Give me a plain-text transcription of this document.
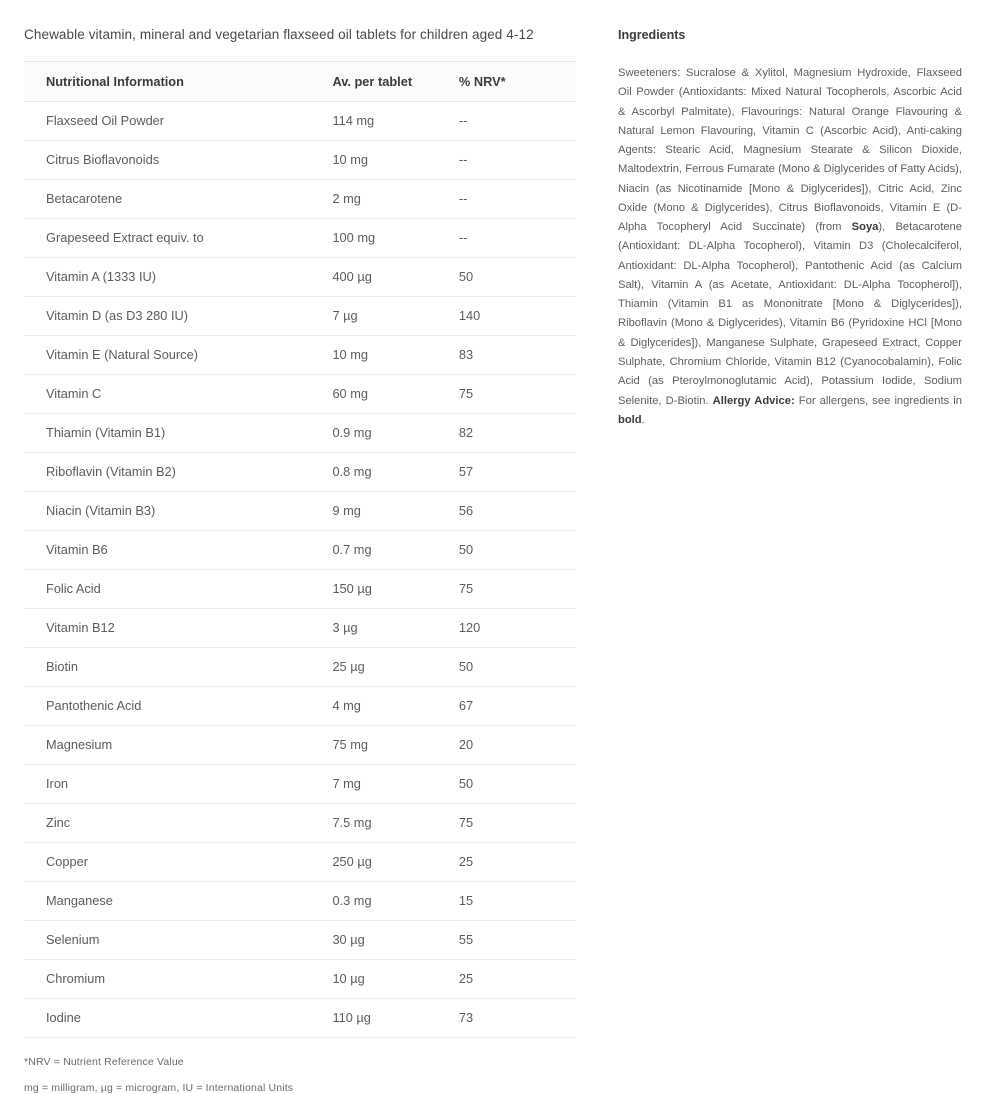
Chewable vitamin, mineral and vegetarian flaxseed oil tablets for children aged 4-12

Nutritional Information	Av. per tablet	% NRV*
Flaxseed Oil Powder	114 mg	--
Citrus Bioflavonoids	10 mg	--
Betacarotene	2 mg	--
Grapeseed Extract equiv. to	100 mg	--
Vitamin A (1333 IU)	400 µg	50
Vitamin D (as D3 280 IU)	7 µg	140
Vitamin E (Natural Source)	10 mg	83
Vitamin C	60 mg	75
Thiamin (Vitamin B1)	0.9 mg	82
Riboflavin (Vitamin B2)	0.8 mg	57
Niacin (Vitamin B3)	9 mg	56
Vitamin B6	0.7 mg	50
Folic Acid	150 µg	75
Vitamin B12	3 µg	120
Biotin	25 µg	50
Pantothenic Acid	4 mg	67
Magnesium	75 mg	20
Iron	7 mg	50
Zinc	7.5 mg	75
Copper	250 µg	25
Manganese	0.3 mg	15
Selenium	30 µg	55
Chromium	10 µg	25
Iodine	110 µg	73
*NRV = Nutrient Reference Value
mg = milligram, µg = microgram, IU = International Units
Ingredients

Sweeteners: Sucralose & Xylitol, Magnesium Hydroxide, Flaxseed Oil Powder (Antioxidants: Mixed Natural Tocopherols, Ascorbic Acid & Ascorbyl Palmitate), Flavourings: Natural Orange Flavouring & Natural Lemon Flavouring, Vitamin C (Ascorbic Acid), Anti-caking Agents: Stearic Acid, Magnesium Stearate & Silicon Dioxide, Maltodextrin, Ferrous Fumarate (Mono & Diglycerides of Fatty Acids), Niacin (as Nicotinamide [Mono & Diglycerides]), Citric Acid, Zinc Oxide (Mono & Diglycerides), Citrus Bioflavonoids, Vitamin E (D-Alpha Tocopheryl Acid Succinate) (from Soya), Betacarotene (Antioxidant: DL-Alpha Tocopherol), Vitamin D3 (Cholecalciferol, Antioxidant: DL-Alpha Tocopherol), Pantothenic Acid (as Calcium Salt), Vitamin A (as Acetate, Antioxidant: DL-Alpha Tocopherol]), Thiamin (Vitamin B1 as Mononitrate [Mono & Diglycerides]), Riboflavin (Mono & Diglycerides), Vitamin B6 (Pyridoxine HCl [Mono & Diglycerides]), Manganese Sulphate, Grapeseed Extract, Copper Sulphate, Chromium Chloride, Vitamin B12 (Cyanocobalamin), Folic Acid (as Pteroylmonoglutamic Acid), Potassium Iodide, Sodium Selenite, D-Biotin. Allergy Advice: For allergens, see ingredients in bold.
